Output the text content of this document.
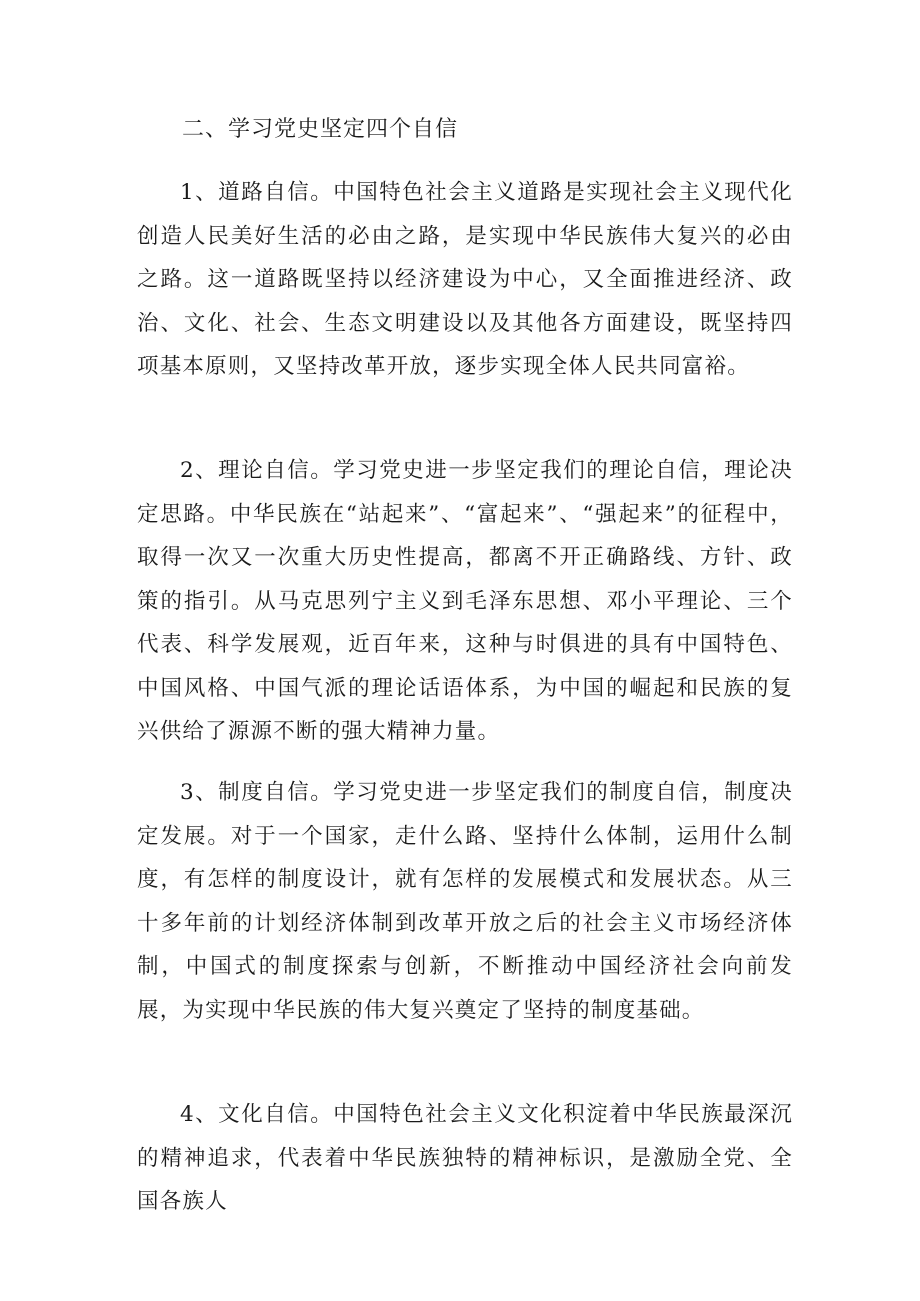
二、学习党史坚定四个自信

1、道路自信。中国特色社会主义道路是实现社会主义现代化创造人民美好生活的必由之路，是实现中华民族伟大复兴的必由之路。这一道路既坚持以经济建设为中心，又全面推进经济、政治、文化、社会、生态文明建设以及其他各方面建设，既坚持四项基本原则，又坚持改革开放，逐步实现全体人民共同富裕。

2、理论自信。学习党史进一步坚定我们的理论自信，理论决定思路。中华民族在“站起来”、“富起来”、“强起来”的征程中，取得一次又一次重大历史性提高，都离不开正确路线、方针、政策的指引。从马克思列宁主义到毛泽东思想、邓小平理论、三个代表、科学发展观，近百年来，这种与时俱进的具有中国特色、中国风格、中国气派的理论话语体系，为中国的崛起和民族的复兴供给了源源不断的强大精神力量。

3、制度自信。学习党史进一步坚定我们的制度自信，制度决定发展。对于一个国家，走什么路、坚持什么体制，运用什么制度，有怎样的制度设计，就有怎样的发展模式和发展状态。从三十多年前的计划经济体制到改革开放之后的社会主义市场经济体制，中国式的制度探索与创新，不断推动中国经济社会向前发展，为实现中华民族的伟大复兴奠定了坚持的制度基础。

4、文化自信。中国特色社会主义文化积淀着中华民族最深沉的精神追求，代表着中华民族独特的精神标识，是激励全党、全国各族人
